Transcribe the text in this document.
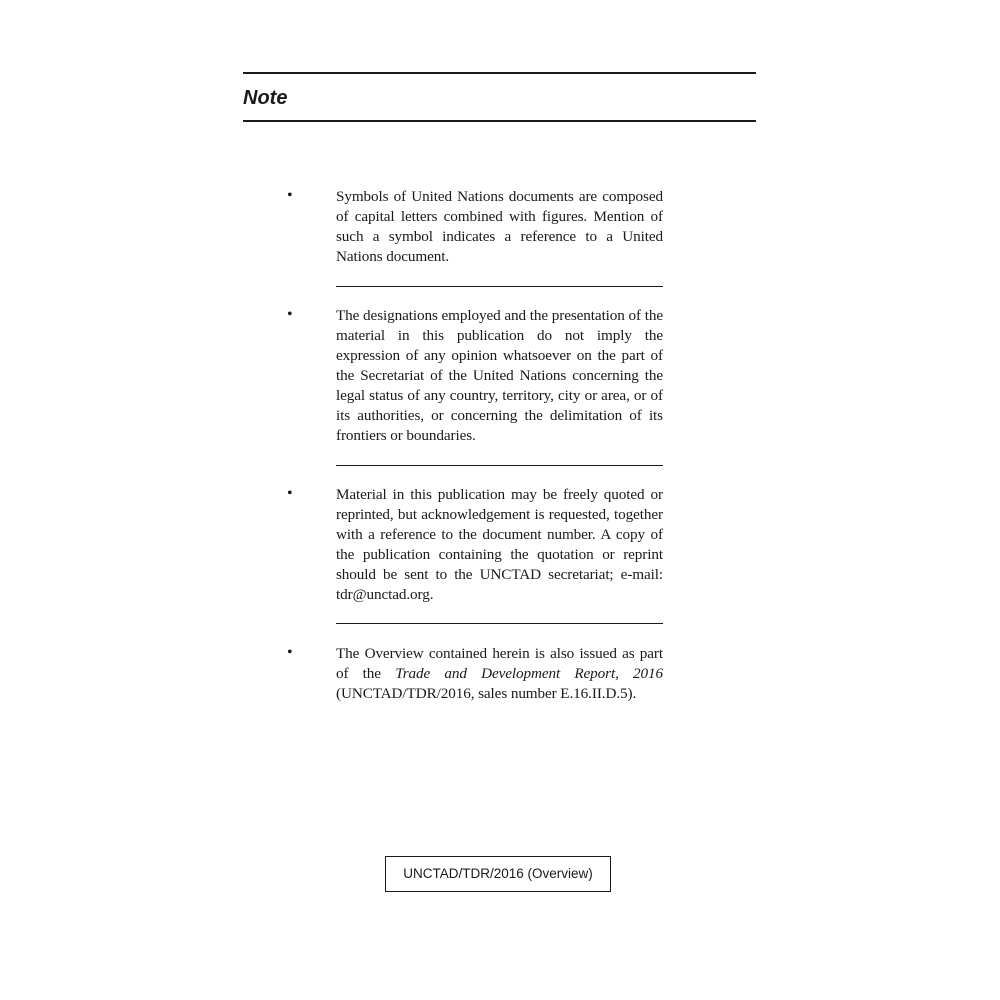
Note
•	Symbols of United Nations documents are composed of capital letters combined with figures. Mention of such a symbol indicates a reference to a United Nations document.

•	The designations employed and the presentation of the material in this publication do not imply the expression of any opinion whatsoever on the part of the Secretariat of the United Nations concerning the legal status of any country, territory, city or area, or of its authorities, or concerning the delimitation of its frontiers or boundaries.

•	Material in this publication may be freely quoted or reprinted, but acknowledgement is requested, together with a reference to the document number. A copy of the publication containing the quotation or reprint should be sent to the UNCTAD secretariat; e-mail: tdr@unctad.org.

•	The Overview contained herein is also issued as part of the Trade and Development Report, 2016 (UNCTAD/TDR/2016, sales number E.16.II.D.5).

UNCTAD/TDR/2016 (Overview)
